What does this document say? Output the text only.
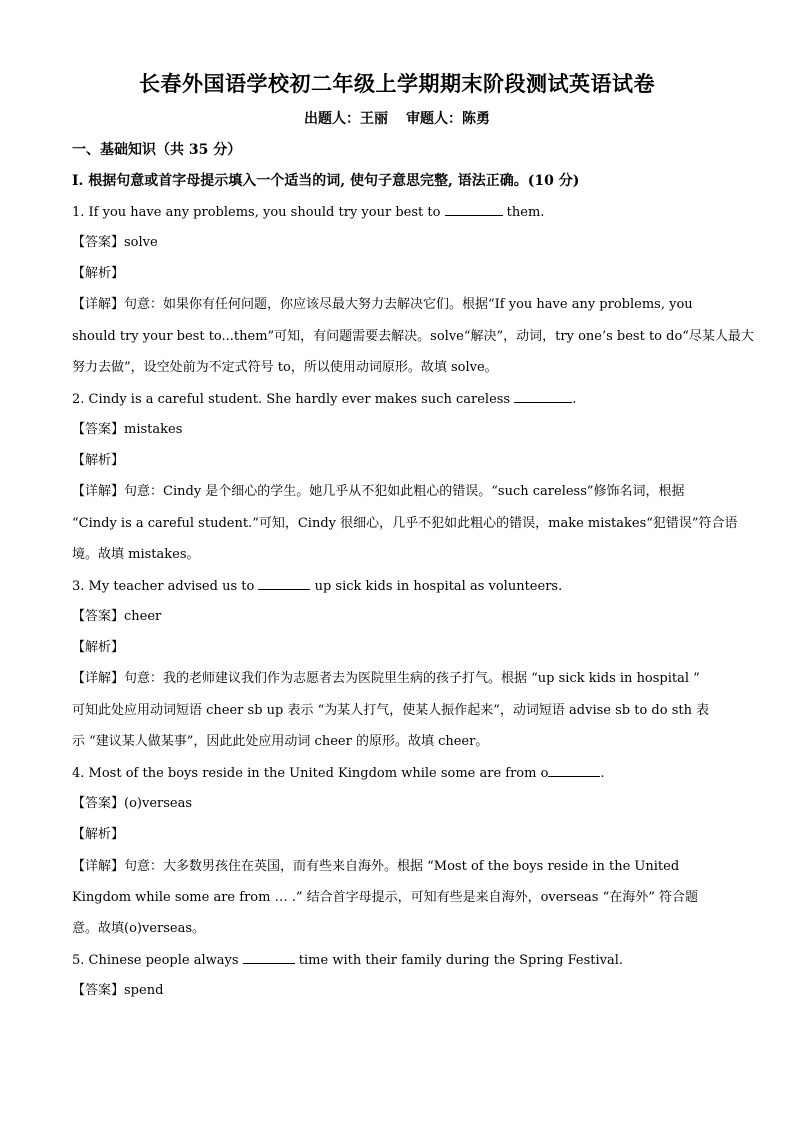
长春外国语学校初二年级上学期期末阶段测试英语试卷
出题人：王丽 审题人：陈勇
一、基础知识（共 35 分）
I. 根据句意或首字母提示填入一个适当的词, 使句子意思完整, 语法正确。(10 分)
1. If you have any problems, you should try your best to	them.
【答案】solve
【解析】
【详解】句意：如果你有任何问题，你应该尽最大努力去解决它们。根据“If you have any problems, you
should try your best to...them”可知，有问题需要去解决。solve“解决”，动词，try one’s best to do“尽某人最大
努力去做”，设空处前为不定式符号 to，所以使用动词原形。故填 solve。
2. Cindy is a careful student. She hardly ever makes such careless	.
【答案】mistakes
【解析】
【详解】句意：Cindy 是个细心的学生。她几乎从不犯如此粗心的错误。“such careless”修饰名词，根据
“Cindy is a careful student.”可知，Cindy 很细心，几乎不犯如此粗心的错误，make mistakes“犯错误”符合语
境。故填 mistakes。
3. My teacher advised us to	up sick kids in hospital as volunteers.
【答案】cheer
【解析】
【详解】句意：我的老师建议我们作为志愿者去为医院里生病的孩子打气。根据 “up sick kids in hospital ”
可知此处应用动词短语 cheer sb up 表示 “为某人打气，使某人振作起来”，动词短语 advise sb to do sth 表
示 “建议某人做某事”，因此此处应用动词 cheer 的原形。故填 cheer。
4. Most of the boys reside in the United Kingdom while some are from o	.
【答案】(o)verseas
【解析】
【详解】句意：大多数男孩住在英国，而有些来自海外。根据 “Most of the boys reside in the United
Kingdom while some are from … .” 结合首字母提示，可知有些是来自海外，overseas “在海外” 符合题
意。故填(o)verseas。
5. Chinese people always	time with their family during the Spring Festival.
【答案】spend
